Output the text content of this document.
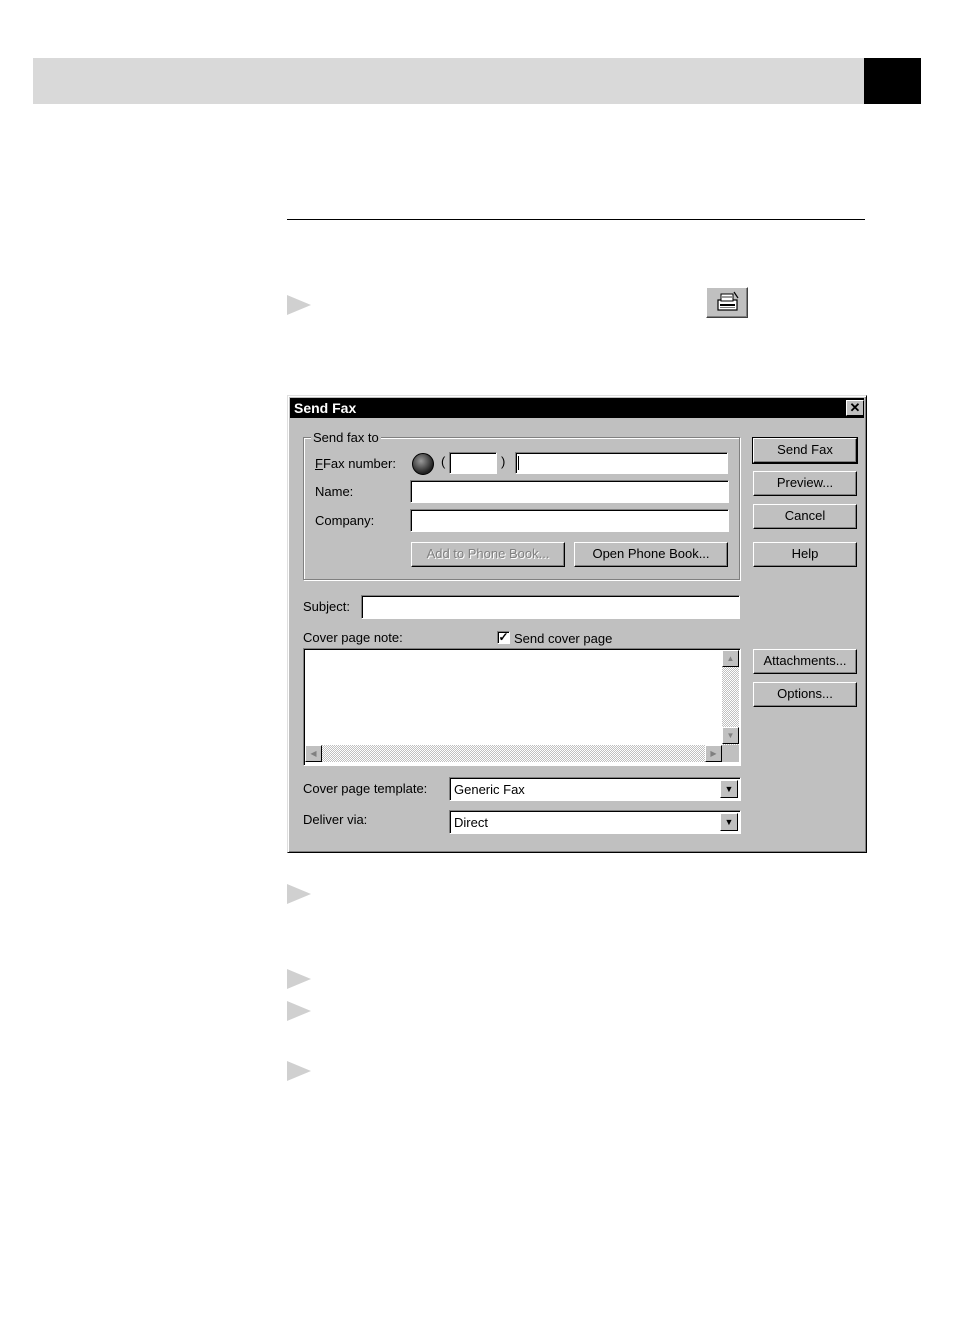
Send Fax	✕
Send fax to
FFax number:	(	)
Name:
Company:
Add to Phone Book...	Open Phone Book...
Send Fax
Preview...
Cancel
Help
Subject:
Cover page note:	✓ Send cover page
▲
▼
◀	▶
Attachments...
Options...
Cover page template: Generic Fax	▼
Deliver via:	Direct	▼
